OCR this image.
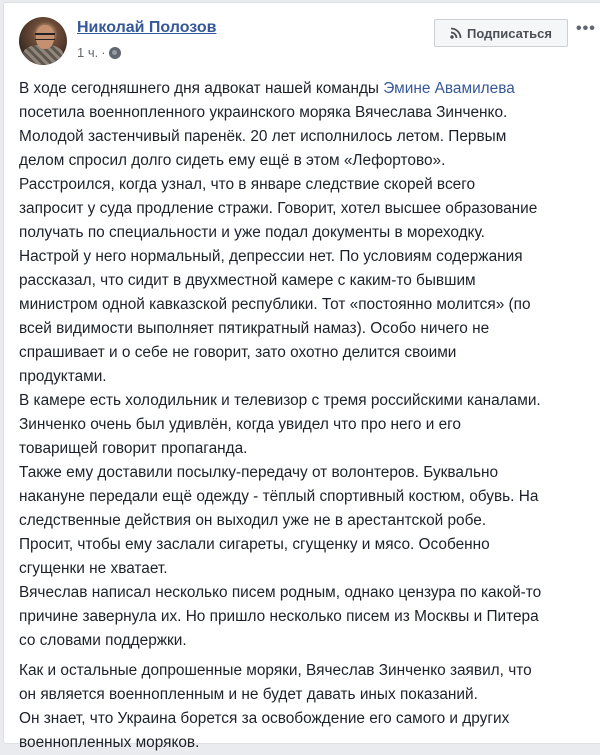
Николай Полозов
1 ч. ·
Подписаться •••

В ходе сегодняшнего дня адвокат нашей команды Эмине Авамилева
посетила военнопленного украинского моряка Вячеслава Зинченко.
Молодой застенчивый паренёк. 20 лет исполнилось летом. Первым
делом спросил долго сидеть ему ещё в этом «Лефортово».
Расстроился, когда узнал, что в январе следствие скорей всего
запросит у суда продление стражи. Говорит, хотел высшее образование
получать по специальности и уже подал документы в мореходку.
Настрой у него нормальный, депрессии нет. По условиям содержания
рассказал, что сидит в двухместной камере с каким-то бывшим
министром одной кавказской республики. Тот «постоянно молится» (по
всей видимости выполняет пятикратный намаз). Особо ничего не
спрашивает и о себе не говорит, зато охотно делится своими
продуктами.
В камере есть холодильник и телевизор с тремя российскими каналами.
Зинченко очень был удивлён, когда увидел что про него и его
товарищей говорит пропаганда.
Также ему доставили посылку-передачу от волонтеров. Буквально
накануне передали ещё одежду - тёплый спортивный костюм, обувь. На
следственные действия он выходил уже не в арестантской робе.
Просит, чтобы ему заслали сигареты, сгущенку и мясо. Особенно
сгущенки не хватает.
Вячеслав написал несколько писем родным, однако цензура по какой-то
причине завернула их. Но пришло несколько писем из Москвы и Питера
со словами поддержки.

Как и остальные допрошенные моряки, Вячеслав Зинченко заявил, что
он является военнопленным и не будет давать иных показаний.
Он знает, что Украина борется за освобождение его самого и других
военнопленных моряков.
